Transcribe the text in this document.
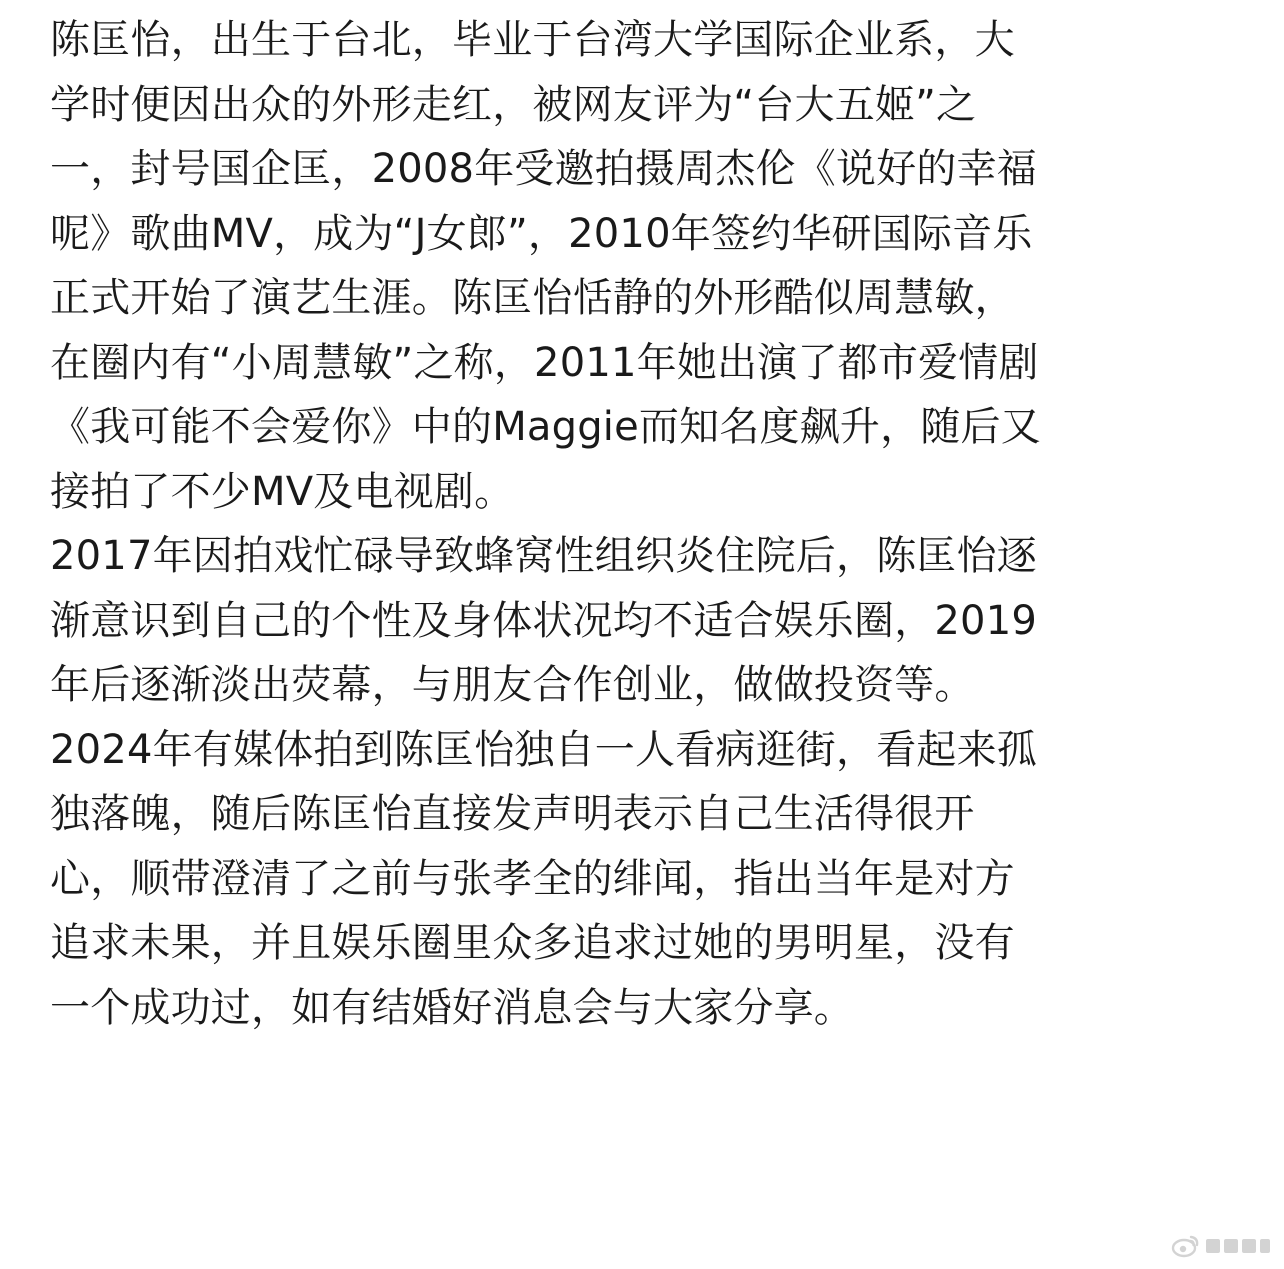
陈匡怡，出生于台北，毕业于台湾大学国际企业系，大
学时便因出众的外形走红，被网友评为“台大五姬”之
一，封号国企匡，2008年受邀拍摄周杰伦《说好的幸福
呢》歌曲MV，成为“J女郎”，2010年签约华研国际音乐
正式开始了演艺生涯。陈匡怡恬静的外形酷似周慧敏，
在圈内有“小周慧敏”之称，2011年她出演了都市爱情剧
《我可能不会爱你》中的Maggie而知名度飙升，随后又
接拍了不少MV及电视剧。
2017年因拍戏忙碌导致蜂窝性组织炎住院后，陈匡怡逐
渐意识到自己的个性及身体状况均不适合娱乐圈，2019
年后逐渐淡出荧幕，与朋友合作创业，做做投资等。
2024年有媒体拍到陈匡怡独自一人看病逛街，看起来孤
独落魄，随后陈匡怡直接发声明表示自己生活得很开
心，顺带澄清了之前与张孝全的绯闻，指出当年是对方
追求未果，并且娱乐圈里众多追求过她的男明星，没有
一个成功过，如有结婚好消息会与大家分享。
